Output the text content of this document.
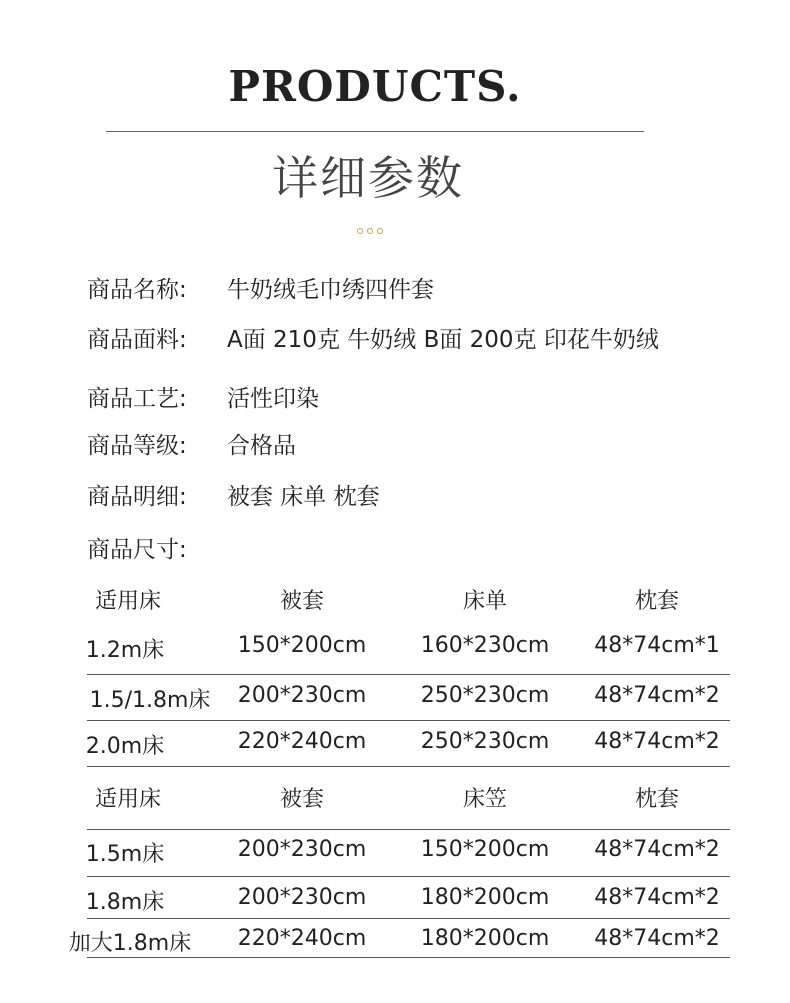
PRODUCTS.
详细参数
商品名称: 牛奶绒毛巾绣四件套
商品面料: A面 210克 牛奶绒 B面 200克 印花牛奶绒
商品工艺: 活性印染
商品等级: 合格品
商品明细: 被套 床单 枕套
商品尺寸:
适用床	被套	床单	枕套
1.2m床	150*200cm	160*230cm	48*74cm*1
1.5/1.8m床	200*230cm	250*230cm	48*74cm*2
2.0m床	220*240cm	250*230cm	48*74cm*2
适用床	被套	床笠	枕套
1.5m床	200*230cm	150*200cm	48*74cm*2
1.8m床	200*230cm	180*200cm	48*74cm*2
加大1.8m床	220*240cm	180*200cm	48*74cm*2
